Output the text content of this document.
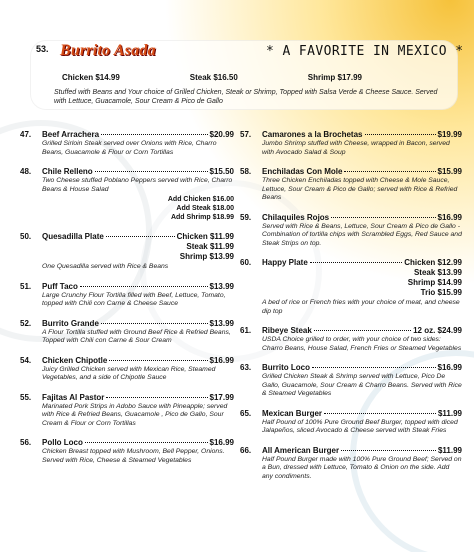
53. Burrito Asada	* A FAVORITE IN MEXICO *
Chicken $14.99	Steak $16.50	Shrimp $17.99
Stuffed with Beans and Your choice of Grilled Chicken, Steak or Shrimp, Topped with Salsa Verde & Cheese Sauce. Served with Lettuce, Guacamole, Sour Cream & Pico de Gallo
47.	Beef Arrachera	$20.99
Grilled Sirloin Steak served over Onions with Rice, Charro Beans, Guacamole & Flour or Corn Tortillas
48.	Chile Relleno	$15.50
Two Cheese stuffed Poblano Peppers served with Rice, Charro Beans & House Salad
Add Chicken $16.00
Add Steak $18.00
Add Shrimp $18.99
50.	Quesadilla Plate	Chicken $11.99
Steak $11.99
Shrimp $13.99
One Quesadilla served with Rice & Beans
51.	Puff Taco	$13.99
Large Crunchy Flour Tortilla filled with Beef, Lettuce, Tomato, topped with Chili con Carne & Cheese Sauce
52.	Burrito Grande	$13.99
A Flour Tortilla stuffed with Ground Beef Rice & Refried Beans, Topped with Chili con Carne & Sour Cream
54.	Chicken Chipotle	$16.99
Juicy Grilled Chicken served with Mexican Rice, Steamed Vegetables, and a side of Chipotle Sauce
55.	Fajitas Al Pastor	$17.99
Marinated Pork Strips in Adobo Sauce with Pineapple; served with Rice & Refried Beans, Guacamole , Pico de Gallo, Sour Cream & Flour or Corn Tortillas
56.	Pollo Loco	$16.99
Chicken Breast topped with Mushroom, Bell Pepper, Onions. Served with Rice, Cheese & Steamed Vegetables
57.	Camarones a la Brochetas	$19.99
Jumbo Shrimp stuffed with Cheese, wrapped in Bacon, served with Avocado Salad & Soup
58.	Enchiladas Con Mole	$15.99
Three Chicken Enchiladas topped with Cheese & Mole Sauce, Lettuce, Sour Cream & Pico de Gallo; served with Rice & Refried Beans
59.	Chilaquiles Rojos	$16.99
Served with Rice & Beans, Lettuce, Sour Cream & Pico de Gallo - Combination of tortilla chips with Scrambled Eggs, Red Sauce and Steak Strips on top.
60.	Happy Plate	Chicken $12.99
Steak $13.99
Shrimp $14.99
Trio $15.99
A bed of rice or French fries with your choice of meat, and cheese dip top
61.	Ribeye Steak	12 oz. $24.99
USDA Choice grilled to order, with your choice of two sides: Charro Beans, House Salad, French Fries or Steamed Vegetables
63.	Burrito Loco	$16.99
Grilled Chicken Steak & Shrimp served with Lettuce, Pico De Gallo, Guacamole, Sour Cream & Charro Beans. Served with Rice & Steamed Vegetables
65.	Mexican Burger	$11.99
Half Pound of 100% Pure Ground Beef Burger, topped with diced Jalapeños, sliced Avocado & Cheese served with Steak Fries
66.	All American Burger	$11.99
Half Pound Burger made with 100% Pure Ground Beef; Served on a Bun, dressed with Lettuce, Tomato & Onion on the side. Add any condiments.
